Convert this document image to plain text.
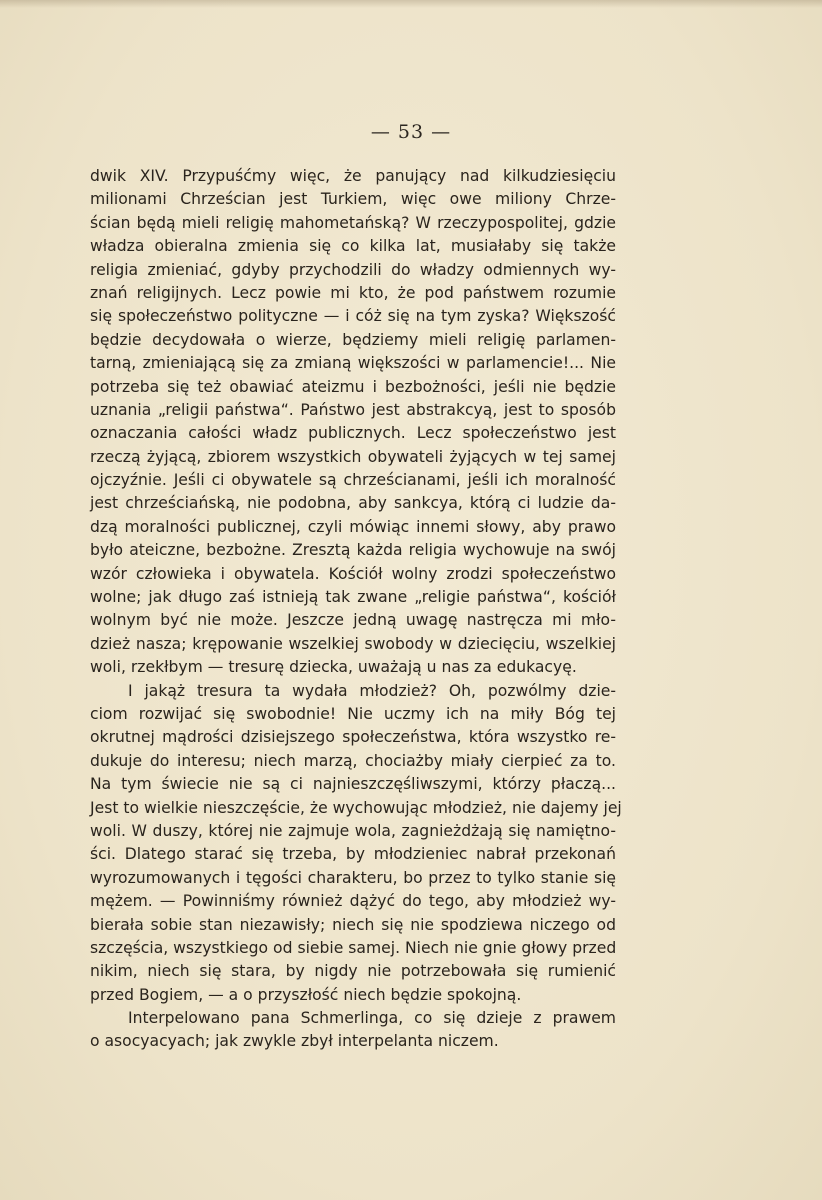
— 53 —
dwik XIV. Przypuśćmy więc, że panujący nad kilkudziesięciu
milionami Chrześcian jest Turkiem, więc owe miliony Chrze-
ścian będą mieli religię mahometańską? W rzeczypospolitej, gdzie
władza obieralna zmienia się co kilka lat, musiałaby się także
religia zmieniać, gdyby przychodzili do władzy odmiennych wy-
znań religijnych. Lecz powie mi kto, że pod państwem rozumie
się społeczeństwo polityczne — i cóż się na tym zyska? Większość
będzie decydowała o wierze, będziemy mieli religię parlamen-
tarną, zmieniającą się za zmianą większości w parlamencie!... Nie
potrzeba się też obawiać ateizmu i bezbożności, jeśli nie będzie
uznania „religii państwa“. Państwo jest abstrakcyą, jest to sposób
oznaczania całości władz publicznych. Lecz społeczeństwo jest
rzeczą żyjącą, zbiorem wszystkich obywateli żyjących w tej samej
ojczyźnie. Jeśli ci obywatele są chrześcianami, jeśli ich moralność
jest chrześciańską, nie podobna, aby sankcya, którą ci ludzie da-
dzą moralności publicznej, czyli mówiąc innemi słowy, aby prawo
było ateiczne, bezbożne. Zresztą każda religia wychowuje na swój
wzór człowieka i obywatela. Kościół wolny zrodzi społeczeństwo
wolne; jak długo zaś istnieją tak zwane „religie państwa“, kościół
wolnym być nie może. Jeszcze jedną uwagę nastręcza mi mło-
dzież nasza; krępowanie wszelkiej swobody w dziecięciu, wszelkiej
woli, rzekłbym — tresurę dziecka, uważają u nas za edukacyę.
I jakąż tresura ta wydała młodzież? Oh, pozwólmy dzie-
ciom rozwijać się swobodnie! Nie uczmy ich na miły Bóg tej
okrutnej mądrości dzisiejszego społeczeństwa, która wszystko re-
dukuje do interesu; niech marzą, chociażby miały cierpieć za to.
Na tym świecie nie są ci najnieszczęśliwszymi, którzy płaczą...
Jest to wielkie nieszczęście, że wychowując młodzież, nie dajemy jej
woli. W duszy, której nie zajmuje wola, zagnieżdżają się namiętno-
ści. Dlatego starać się trzeba, by młodzieniec nabrał przekonań
wyrozumowanych i tęgości charakteru, bo przez to tylko stanie się
mężem. — Powinniśmy również dążyć do tego, aby młodzież wy-
bierała sobie stan niezawisły; niech się nie spodziewa niczego od
szczęścia, wszystkiego od siebie samej. Niech nie gnie głowy przed
nikim, niech się stara, by nigdy nie potrzebowała się rumienić
przed Bogiem, — a o przyszłość niech będzie spokojną.
Interpelowano pana Schmerlinga, co się dzieje z prawem
o asocyacyach; jak zwykle zbył interpelanta niczem.
